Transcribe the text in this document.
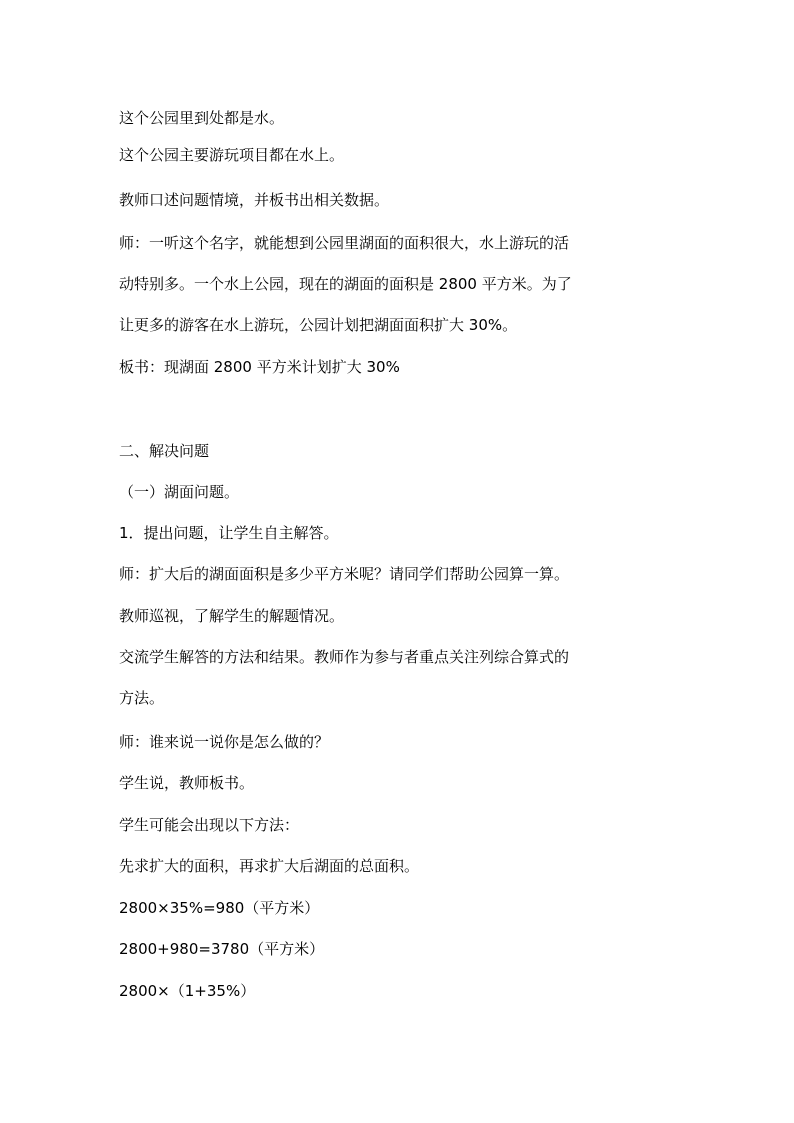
这个公园里到处都是水。
这个公园主要游玩项目都在水上。
教师口述问题情境，并板书出相关数据。
师：一听这个名字，就能想到公园里湖面的面积很大，水上游玩的活
动特别多。一个水上公园，现在的湖面的面积是 2800 平方米。为了
让更多的游客在水上游玩，公园计划把湖面面积扩大 30%。
板书：现湖面 2800 平方米计划扩大 30%
二、解决问题
（一）湖面问题。
1．提出问题，让学生自主解答。
师：扩大后的湖面面积是多少平方米呢？请同学们帮助公园算一算。
教师巡视，了解学生的解题情况。
交流学生解答的方法和结果。教师作为参与者重点关注列综合算式的
方法。
师：谁来说一说你是怎么做的？
学生说，教师板书。
学生可能会出现以下方法：
先求扩大的面积，再求扩大后湖面的总面积。
2800×35%=980（平方米）
2800+980=3780（平方米）
2800×（1+35%）
